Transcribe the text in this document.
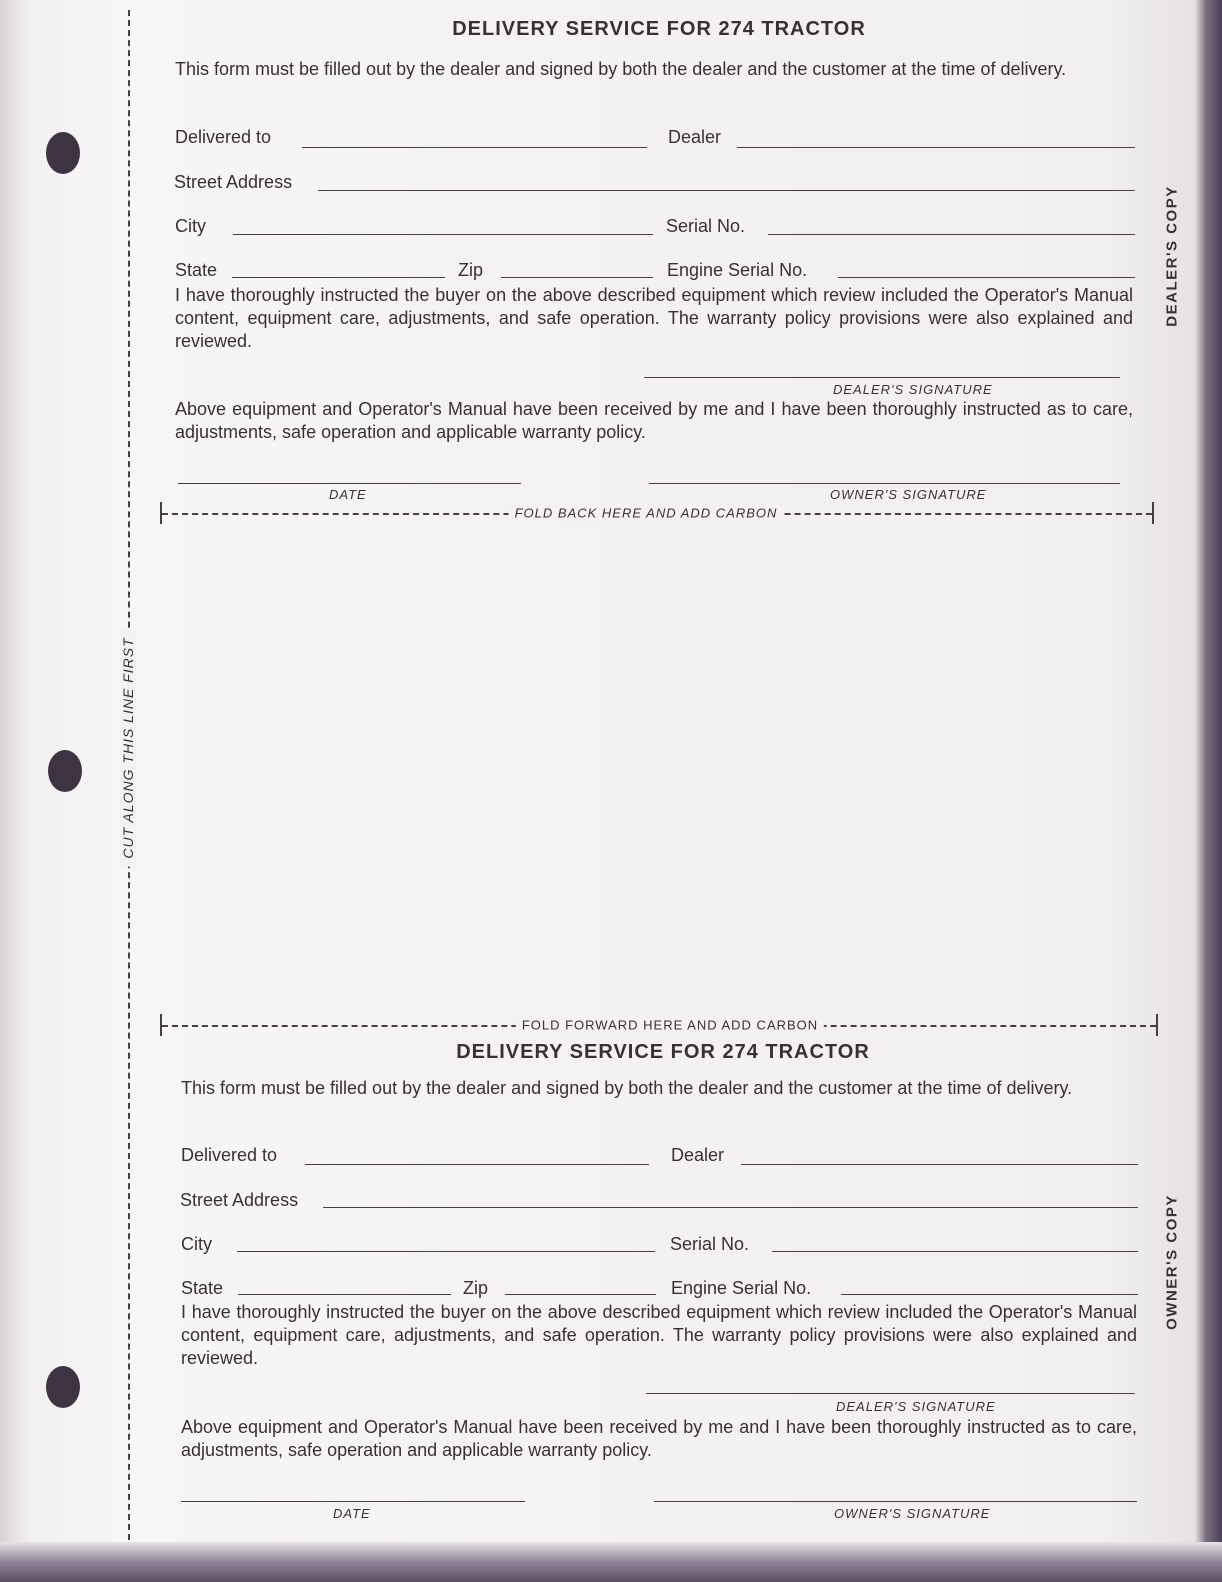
CUT ALONG THIS LINE FIRST
DEALER'S COPY
OWNER'S COPY
DELIVERY SERVICE FOR 274 TRACTOR
This form must be filled out by the dealer and signed by both the dealer and the customer at the time of delivery.
Delivered to	Dealer
Street Address
City	Serial No.
State	Zip	Engine Serial No.
I have thoroughly instructed the buyer on the above described equipment which review included the Operator's Manual content, equipment care, adjustments, and safe operation. The warranty policy provisions were also explained and reviewed.
DEALER'S SIGNATURE
Above equipment and Operator's Manual have been received by me and I have been thoroughly instructed as to care, adjustments, safe operation and applicable warranty policy.
DATE	OWNER'S SIGNATURE
FOLD BACK HERE AND ADD CARBON
FOLD FORWARD HERE AND ADD CARBON
DELIVERY SERVICE FOR 274 TRACTOR
This form must be filled out by the dealer and signed by both the dealer and the customer at the time of delivery.
Delivered to	Dealer
Street Address
City	Serial No.
State	Zip	Engine Serial No.
I have thoroughly instructed the buyer on the above described equipment which review included the Operator's Manual content, equipment care, adjustments, and safe operation. The warranty policy provisions were also explained and reviewed.
DEALER'S SIGNATURE
Above equipment and Operator's Manual have been received by me and I have been thoroughly instructed as to care, adjustments, safe operation and applicable warranty policy.
DATE	OWNER'S SIGNATURE
